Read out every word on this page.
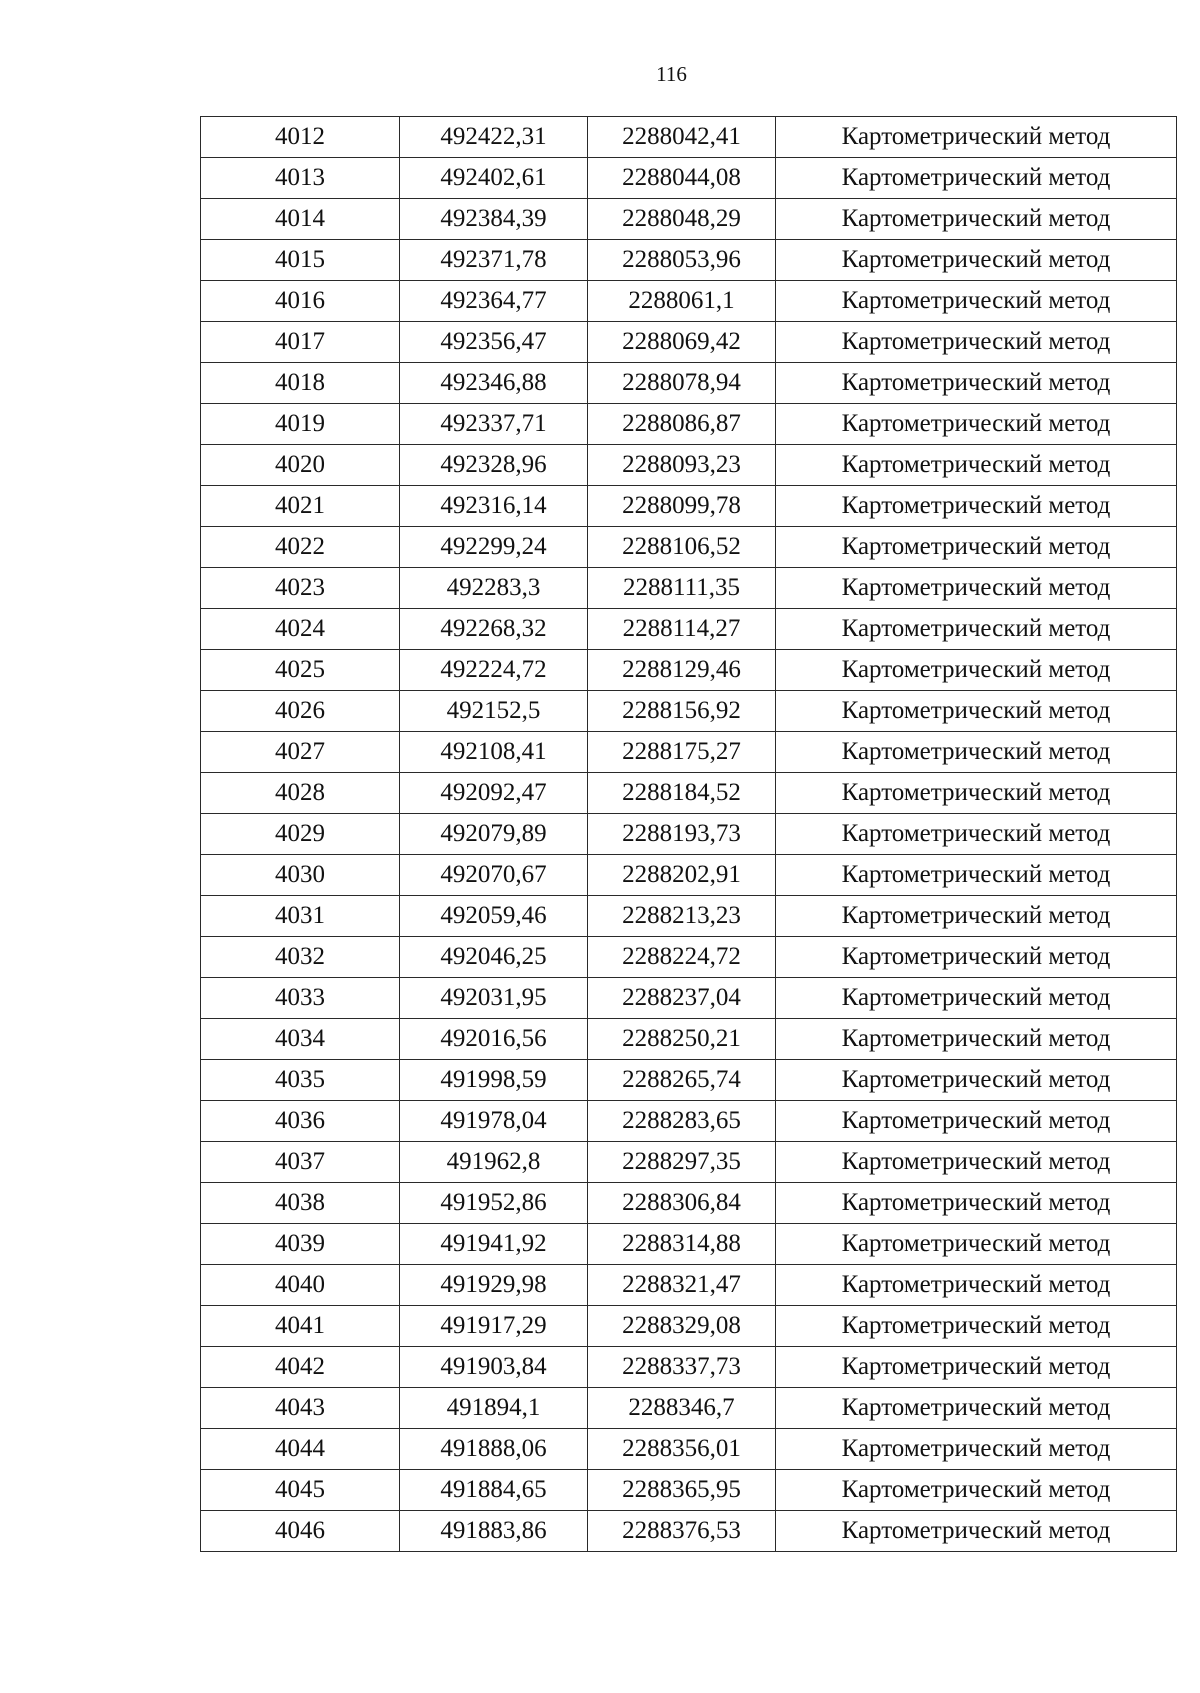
116
4012	492422,31	2288042,41	Картометрический метод
4013	492402,61	2288044,08	Картометрический метод
4014	492384,39	2288048,29	Картометрический метод
4015	492371,78	2288053,96	Картометрический метод
4016	492364,77	2288061,1	Картометрический метод
4017	492356,47	2288069,42	Картометрический метод
4018	492346,88	2288078,94	Картометрический метод
4019	492337,71	2288086,87	Картометрический метод
4020	492328,96	2288093,23	Картометрический метод
4021	492316,14	2288099,78	Картометрический метод
4022	492299,24	2288106,52	Картометрический метод
4023	492283,3	2288111,35	Картометрический метод
4024	492268,32	2288114,27	Картометрический метод
4025	492224,72	2288129,46	Картометрический метод
4026	492152,5	2288156,92	Картометрический метод
4027	492108,41	2288175,27	Картометрический метод
4028	492092,47	2288184,52	Картометрический метод
4029	492079,89	2288193,73	Картометрический метод
4030	492070,67	2288202,91	Картометрический метод
4031	492059,46	2288213,23	Картометрический метод
4032	492046,25	2288224,72	Картометрический метод
4033	492031,95	2288237,04	Картометрический метод
4034	492016,56	2288250,21	Картометрический метод
4035	491998,59	2288265,74	Картометрический метод
4036	491978,04	2288283,65	Картометрический метод
4037	491962,8	2288297,35	Картометрический метод
4038	491952,86	2288306,84	Картометрический метод
4039	491941,92	2288314,88	Картометрический метод
4040	491929,98	2288321,47	Картометрический метод
4041	491917,29	2288329,08	Картометрический метод
4042	491903,84	2288337,73	Картометрический метод
4043	491894,1	2288346,7	Картометрический метод
4044	491888,06	2288356,01	Картометрический метод
4045	491884,65	2288365,95	Картометрический метод
4046	491883,86	2288376,53	Картометрический метод
